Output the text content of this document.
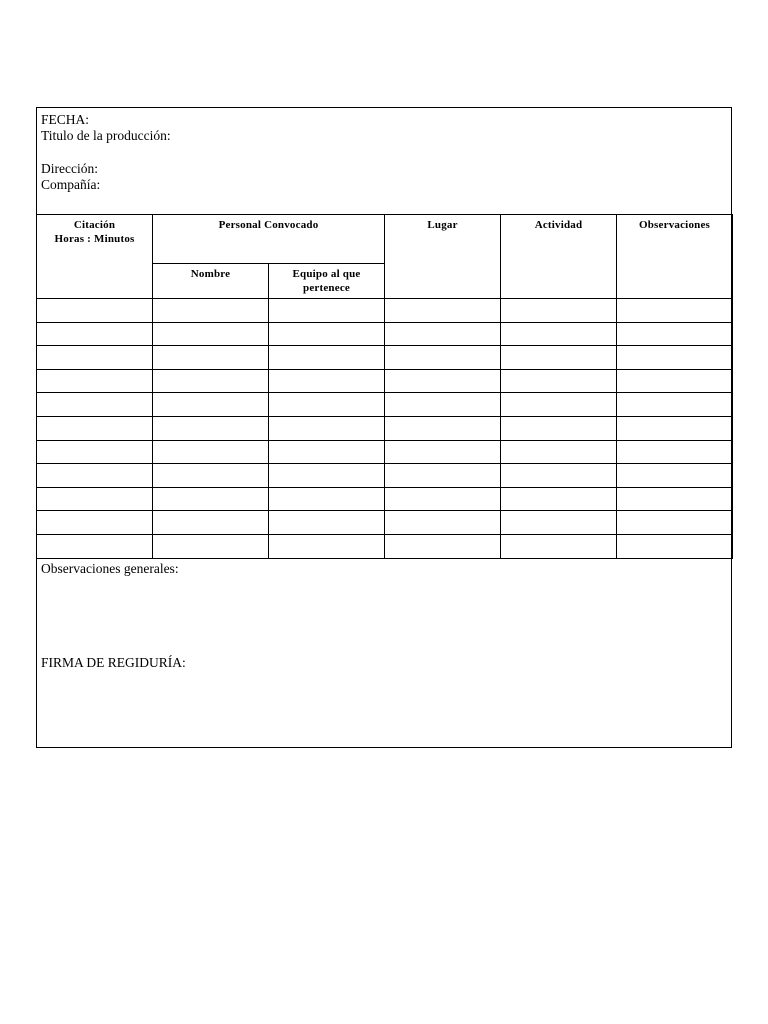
FECHA:
Titulo de la producción:
Dirección:
Compañía:
Citación
Horas : Minutos	Personal Convocado		Lugar	Actividad	Observaciones
	Nombre	Equipo al que
pertenece			

Observaciones generales:
FIRMA DE REGIDURÍA:
